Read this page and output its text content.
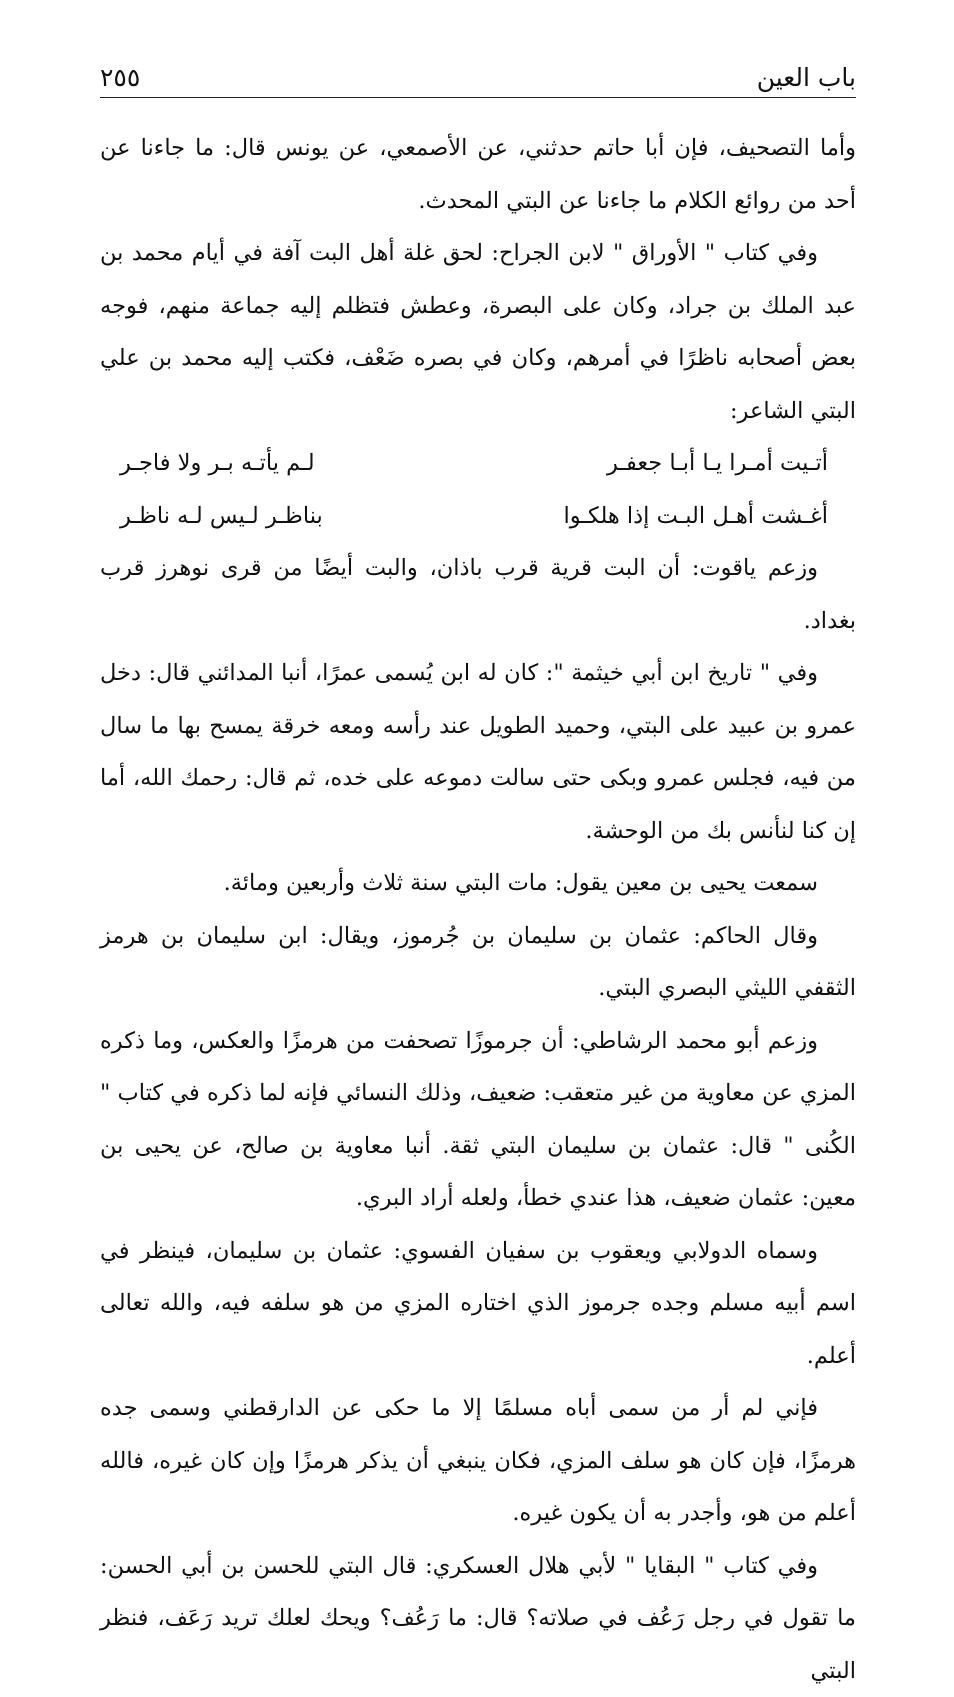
باب العين
٢٥٥

وأما التصحيف، فإن أبا حاتم حدثني، عن الأصمعي، عن يونس قال: ما جاءنا عن أحد من روائع الكلام ما جاءنا عن البتي المحدث.

وفي كتاب " الأوراق " لابن الجراح: لحق غلة أهل البت آفة في أيام محمد بن عبد الملك بن جراد، وكان على البصرة، وعطش فتظلم إليه جماعة منهم، فوجه بعض أصحابه ناظرًا في أمرهم، وكان في بصره ضَعْف، فكتب إليه محمد بن علي البتي الشاعر:

أتـيت أمـرا يـا أبـا جعفـر
لـم يأتـه بـر ولا فاجـر
أغـشت أهـل البـت إذا هلكـوا
بناظـر لـيس لـه ناظـر

وزعم ياقوت: أن البت قرية قرب باذان، والبت أيضًا من قرى نوهرز قرب بغداد.

وفي " تاريخ ابن أبي خيثمة ": كان له ابن يُسمى عمرًا، أنبا المدائني قال: دخل عمرو بن عبيد على البتي، وحميد الطويل عند رأسه ومعه خرقة يمسح بها ما سال من فيه، فجلس عمرو وبكى حتى سالت دموعه على خده، ثم قال: رحمك الله، أما إن كنا لنأنس بك من الوحشة.

سمعت يحيى بن معين يقول: مات البتي سنة ثلاث وأربعين ومائة.

وقال الحاكم: عثمان بن سليمان بن جُرموز، ويقال: ابن سليمان بن هرمز الثقفي الليثي البصري البتي.

وزعم أبو محمد الرشاطي: أن جرموزًا تصحفت من هرمزًا والعكس، وما ذكره المزي عن معاوية من غير متعقب: ضعيف، وذلك النسائي فإنه لما ذكره في كتاب " الكُنى " قال: عثمان بن سليمان البتي ثقة. أنبا معاوية بن صالح، عن يحيى بن معين: عثمان ضعيف، هذا عندي خطأ، ولعله أراد البري.

وسماه الدولابي ويعقوب بن سفيان الفسوي: عثمان بن سليمان، فينظر في اسم أبيه مسلم وجده جرموز الذي اختاره المزي من هو سلفه فيه، والله تعالى أعلم.

فإني لم أر من سمى أباه مسلمًا إلا ما حكى عن الدارقطني وسمى جده هرمزًا، فإن كان هو سلف المزي، فكان ينبغي أن يذكر هرمزًا وإن كان غيره، فالله أعلم من هو، وأجدر به أن يكون غيره.

وفي كتاب " البقايا " لأبي هلال العسكري: قال البتي للحسن بن أبي الحسن: ما تقول في رجل رَعُف في صلاته؟ قال: ما رَعُف؟ ويحك لعلك تريد رَعَف، فنظر البتي
